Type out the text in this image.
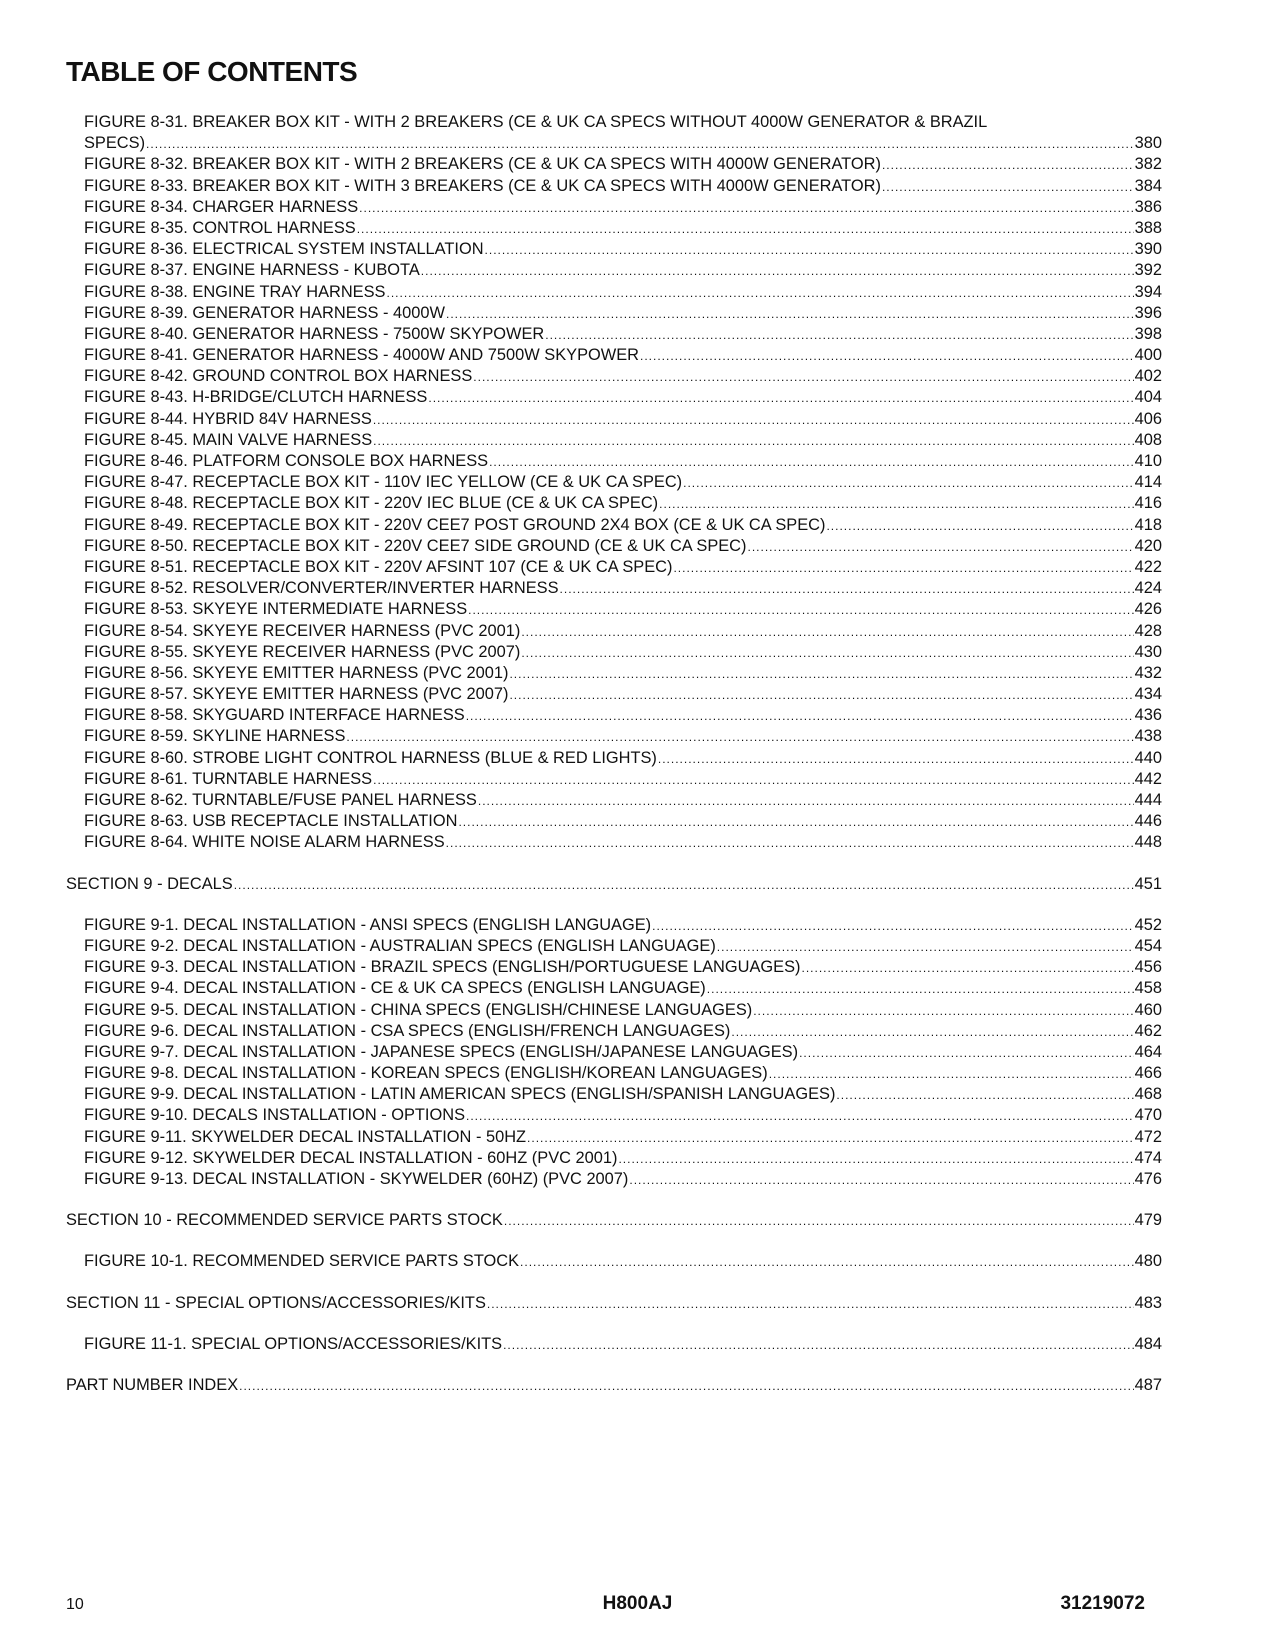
TABLE OF CONTENTS
FIGURE 8-31. BREAKER BOX KIT - WITH 2 BREAKERS (CE & UK CA SPECS WITHOUT 4000W GENERATOR & BRAZIL
SPECS) .....	380
FIGURE 8-32. BREAKER BOX KIT - WITH 2 BREAKERS (CE & UK CA SPECS WITH 4000W GENERATOR) .....	382
FIGURE 8-33. BREAKER BOX KIT - WITH 3 BREAKERS (CE & UK CA SPECS WITH 4000W GENERATOR) .....	384
FIGURE 8-34. CHARGER HARNESS .....	386
FIGURE 8-35. CONTROL HARNESS .....	388
FIGURE 8-36. ELECTRICAL SYSTEM INSTALLATION .....	390
FIGURE 8-37. ENGINE HARNESS - KUBOTA .....	392
FIGURE 8-38. ENGINE TRAY HARNESS .....	394
FIGURE 8-39. GENERATOR HARNESS - 4000W .....	396
FIGURE 8-40. GENERATOR HARNESS - 7500W SKYPOWER .....	398
FIGURE 8-41. GENERATOR HARNESS - 4000W AND 7500W SKYPOWER .....	400
FIGURE 8-42. GROUND CONTROL BOX HARNESS .....	402
FIGURE 8-43. H-BRIDGE/CLUTCH HARNESS .....	404
FIGURE 8-44. HYBRID 84V HARNESS .....	406
FIGURE 8-45. MAIN VALVE HARNESS .....	408
FIGURE 8-46. PLATFORM CONSOLE BOX HARNESS .....	410
FIGURE 8-47. RECEPTACLE BOX KIT - 110V IEC YELLOW (CE & UK CA SPEC) .....	414
FIGURE 8-48. RECEPTACLE BOX KIT - 220V IEC BLUE (CE & UK CA SPEC) .....	416
FIGURE 8-49. RECEPTACLE BOX KIT - 220V CEE7 POST GROUND 2X4 BOX (CE & UK CA SPEC) .....	418
FIGURE 8-50. RECEPTACLE BOX KIT - 220V CEE7 SIDE GROUND (CE & UK CA SPEC) .....	420
FIGURE 8-51. RECEPTACLE BOX KIT - 220V AFSINT 107 (CE & UK CA SPEC) .....	422
FIGURE 8-52. RESOLVER/CONVERTER/INVERTER HARNESS .....	424
FIGURE 8-53. SKYEYE INTERMEDIATE HARNESS .....	426
FIGURE 8-54. SKYEYE RECEIVER HARNESS (PVC 2001) .....	428
FIGURE 8-55. SKYEYE RECEIVER HARNESS (PVC 2007) .....	430
FIGURE 8-56. SKYEYE EMITTER HARNESS (PVC 2001) .....	432
FIGURE 8-57. SKYEYE EMITTER HARNESS (PVC 2007) .....	434
FIGURE 8-58. SKYGUARD INTERFACE HARNESS .....	436
FIGURE 8-59. SKYLINE HARNESS .....	438
FIGURE 8-60. STROBE LIGHT CONTROL HARNESS (BLUE & RED LIGHTS) .....	440
FIGURE 8-61. TURNTABLE HARNESS .....	442
FIGURE 8-62. TURNTABLE/FUSE PANEL HARNESS .....	444
FIGURE 8-63. USB RECEPTACLE INSTALLATION .....	446
FIGURE 8-64. WHITE NOISE ALARM HARNESS .....	448
SECTION 9 - DECALS .....	451
FIGURE 9-1. DECAL INSTALLATION - ANSI SPECS (ENGLISH LANGUAGE) .....	452
FIGURE 9-2. DECAL INSTALLATION - AUSTRALIAN SPECS (ENGLISH LANGUAGE) .....	454
FIGURE 9-3. DECAL INSTALLATION - BRAZIL SPECS (ENGLISH/PORTUGUESE LANGUAGES) .....	456
FIGURE 9-4. DECAL INSTALLATION - CE & UK CA SPECS (ENGLISH LANGUAGE) .....	458
FIGURE 9-5. DECAL INSTALLATION - CHINA SPECS (ENGLISH/CHINESE LANGUAGES) .....	460
FIGURE 9-6. DECAL INSTALLATION - CSA SPECS (ENGLISH/FRENCH LANGUAGES) .....	462
FIGURE 9-7. DECAL INSTALLATION - JAPANESE SPECS (ENGLISH/JAPANESE LANGUAGES) .....	464
FIGURE 9-8. DECAL INSTALLATION - KOREAN SPECS (ENGLISH/KOREAN LANGUAGES) .....	466
FIGURE 9-9. DECAL INSTALLATION - LATIN AMERICAN SPECS (ENGLISH/SPANISH LANGUAGES) .....	468
FIGURE 9-10. DECALS INSTALLATION - OPTIONS .....	470
FIGURE 9-11. SKYWELDER DECAL INSTALLATION - 50HZ .....	472
FIGURE 9-12. SKYWELDER DECAL INSTALLATION - 60HZ (PVC 2001) .....	474
FIGURE 9-13. DECAL INSTALLATION - SKYWELDER (60HZ) (PVC 2007) .....	476
SECTION 10 - RECOMMENDED SERVICE PARTS STOCK .....	479
FIGURE 10-1. RECOMMENDED SERVICE PARTS STOCK .....	480
SECTION 11 - SPECIAL OPTIONS/ACCESSORIES/KITS .....	483
FIGURE 11-1. SPECIAL OPTIONS/ACCESSORIES/KITS .....	484
PART NUMBER INDEX .....	487
10	H800AJ	31219072
